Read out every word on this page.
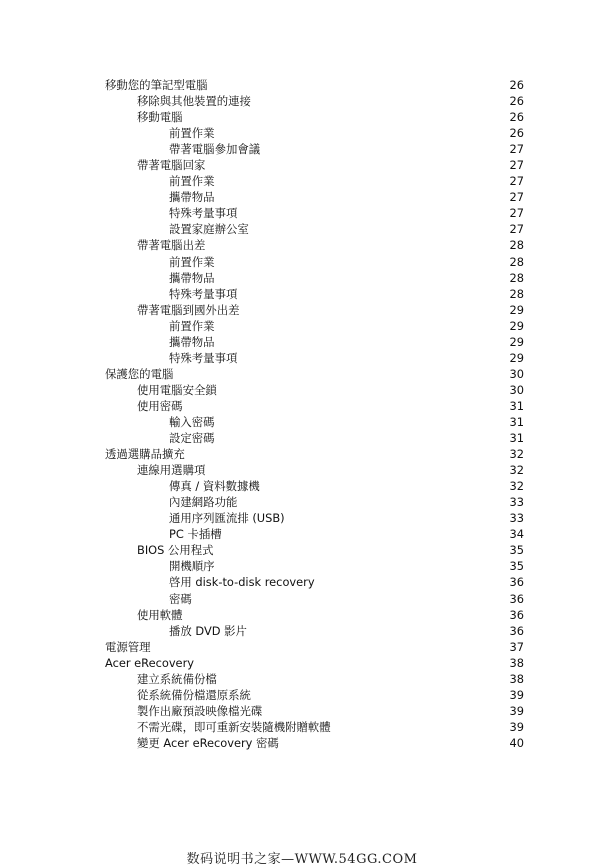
移動您的筆記型電腦	26
移除與其他裝置的連接	26
移動電腦	26
前置作業	26
帶著電腦參加會議	27
帶著電腦回家	27
前置作業	27
攜帶物品	27
特殊考量事項	27
設置家庭辦公室	27
帶著電腦出差	28
前置作業	28
攜帶物品	28
特殊考量事項	28
帶著電腦到國外出差	29
前置作業	29
攜帶物品	29
特殊考量事項	29
保護您的電腦	30
使用電腦安全鎖	30
使用密碼	31
輸入密碼	31
設定密碼	31
透過選購品擴充	32
連線用選購項	32
傳真 / 資料數據機	32
內建網路功能	33
通用序列匯流排 (USB)	33
PC 卡插槽	34
BIOS 公用程式	35
開機順序	35
啓用 disk-to-disk recovery	36
密碼	36
使用軟體	36
播放 DVD 影片	36
電源管理	37
Acer eRecovery	38
建立系統備份檔	38
從系統備份檔還原系統	39
製作出廠預設映像檔光碟	39
不需光碟，即可重新安裝隨機附贈軟體	39
變更 Acer eRecovery 密碼	40
数码说明书之家—WWW.54GG.COM
